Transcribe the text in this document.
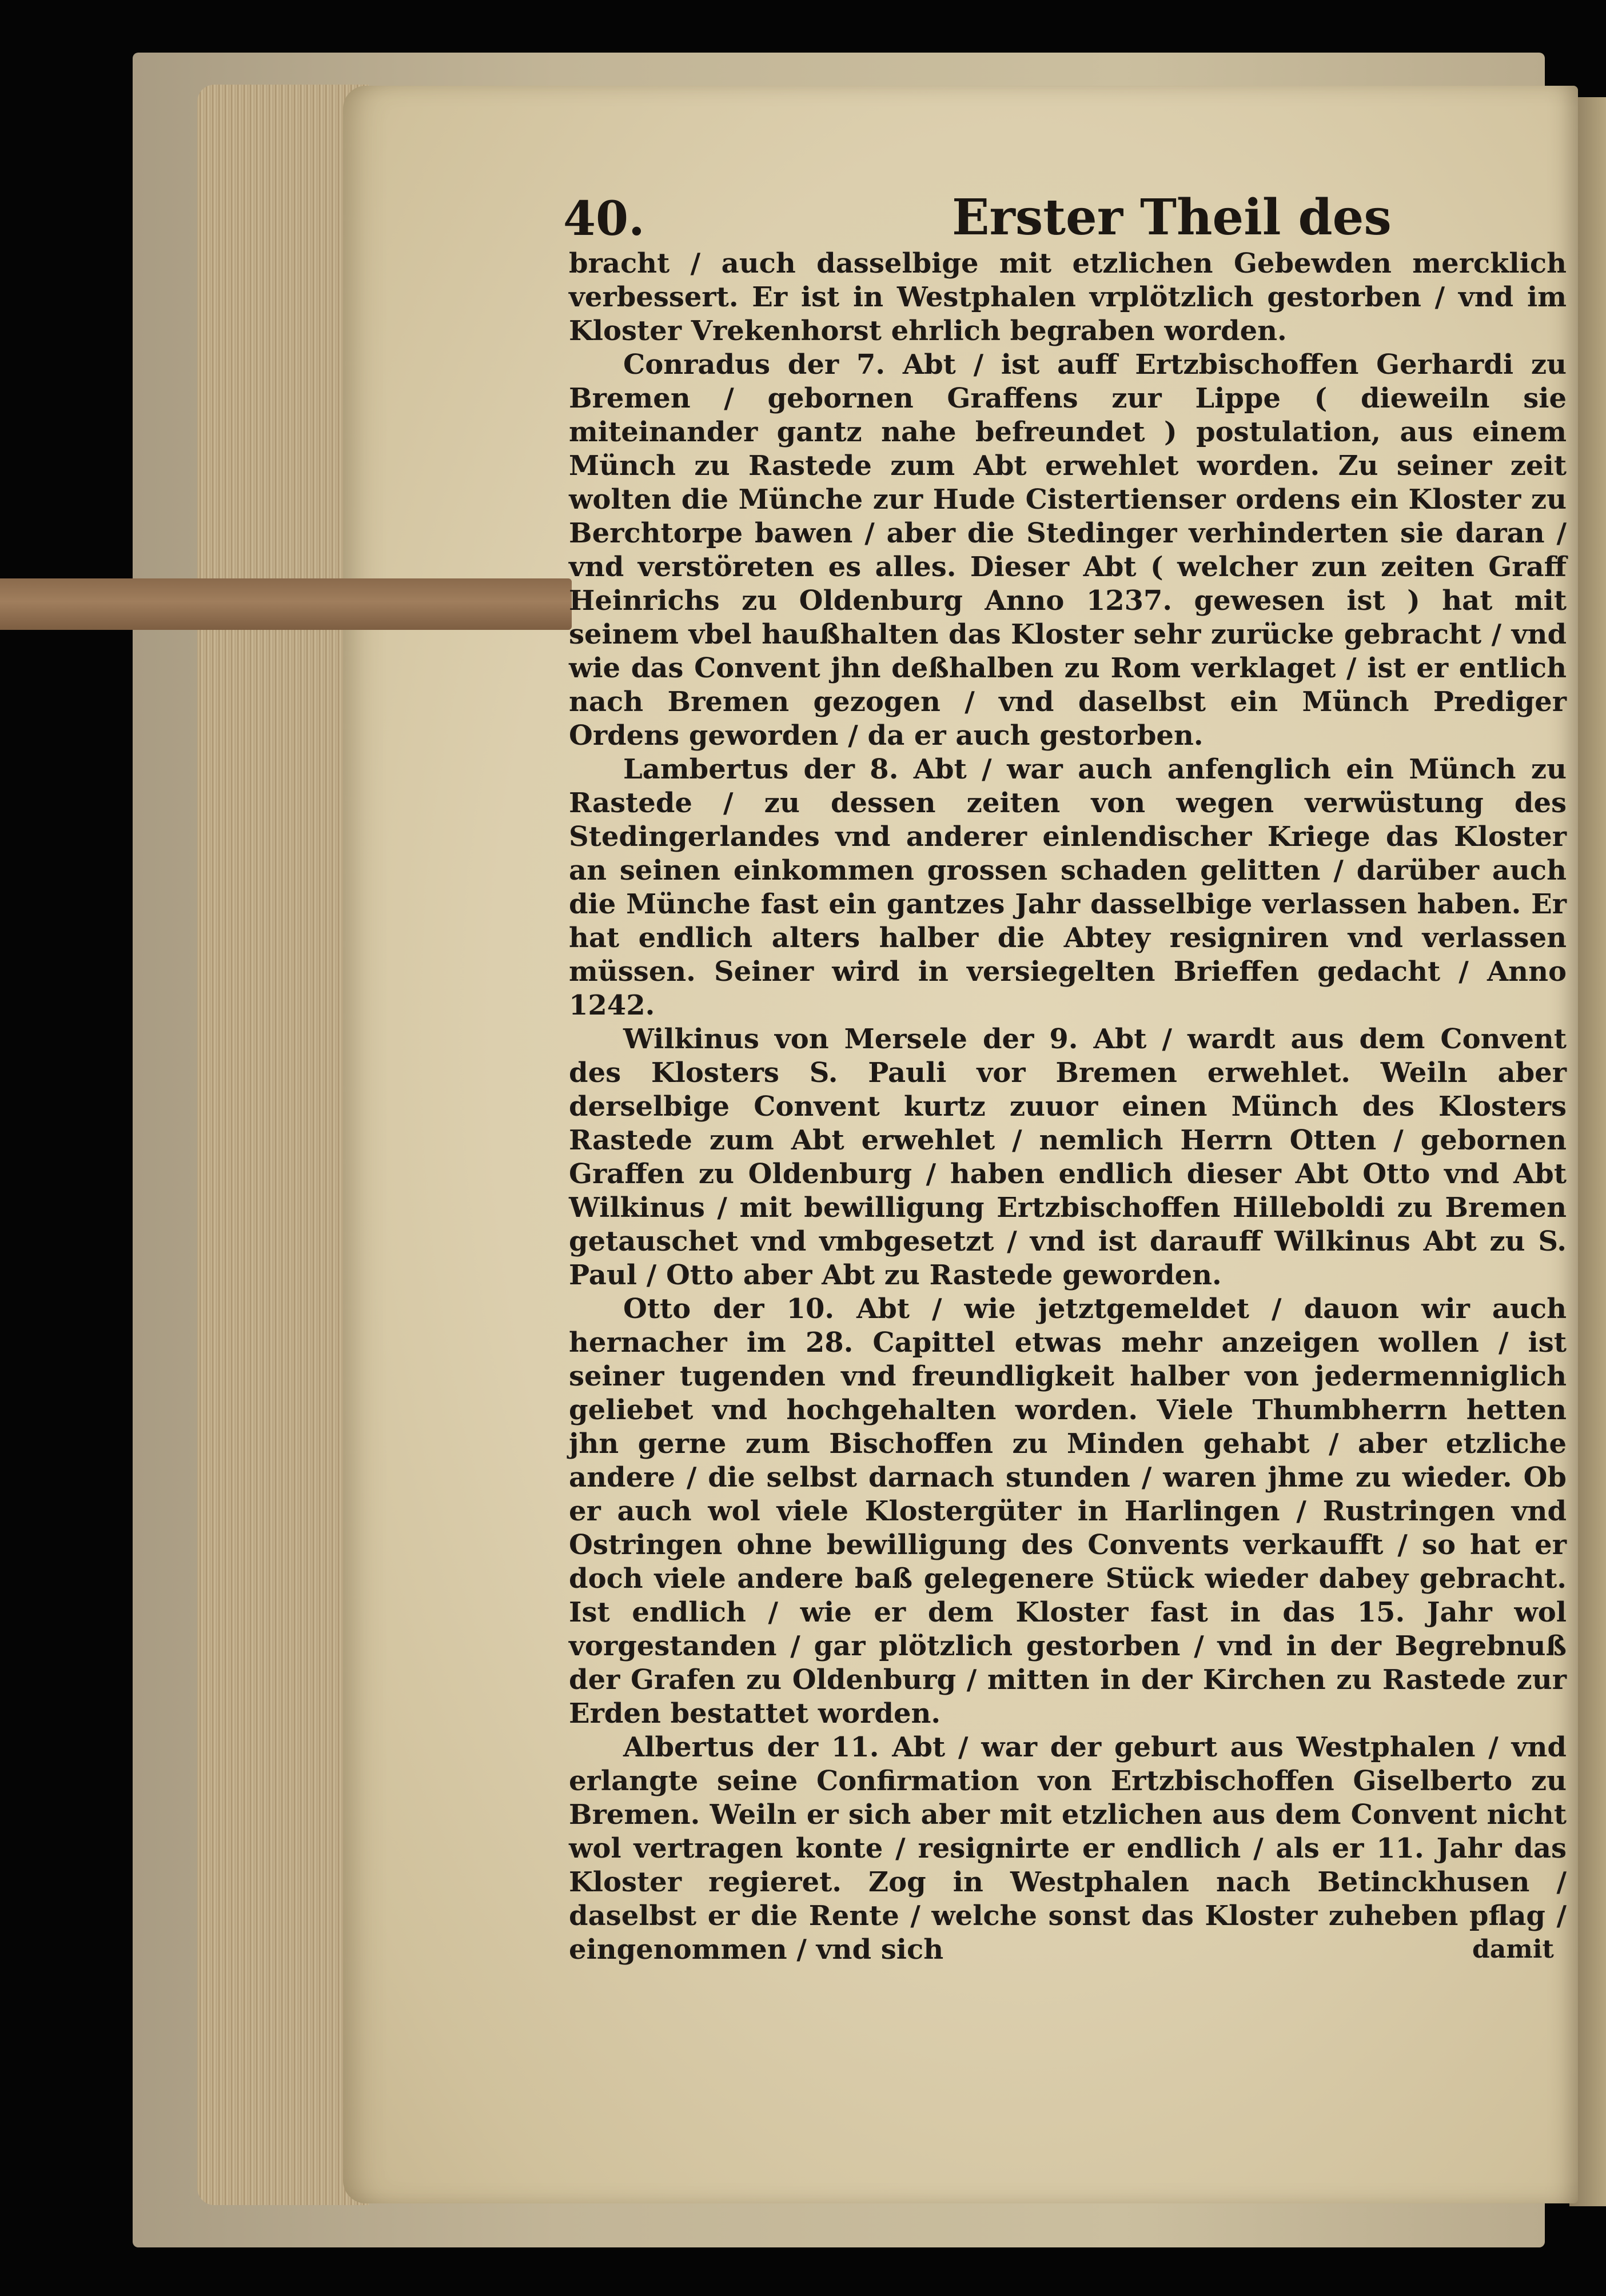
40.	Erster Theil des

bracht / auch dasselbige mit etzlichen Gebewden mercklich verbessert. Er ist in Westphalen vrplötzlich gestorben / vnd im Kloster Vrekenhorst ehrlich begraben worden.

Conradus der 7. Abt / ist auff Ertzbischoffen Gerhardi zu Bremen / gebornen Graffens zur Lippe ( dieweiln sie miteinander gantz nahe befreundet ) postulation, aus einem Münch zu Rastede zum Abt erwehlet worden. Zu seiner zeit wolten die Münche zur Hude Cistertienser ordens ein Kloster zu Berchtorpe bawen / aber die Stedinger verhinderten sie daran / vnd verstöreten es alles. Dieser Abt ( welcher zun zeiten Graff Heinrichs zu Oldenburg Anno 1237. gewesen ist ) hat mit seinem vbel haußhalten das Kloster sehr zurücke gebracht / vnd wie das Convent jhn deßhalben zu Rom verklaget / ist er entlich nach Bremen gezogen / vnd daselbst ein Münch Prediger Ordens geworden / da er auch gestorben.

Lambertus der 8. Abt / war auch anfenglich ein Münch zu Rastede / zu dessen zeiten von wegen verwüstung des Stedingerlandes vnd anderer einlendischer Kriege das Kloster an seinen einkommen grossen schaden gelitten / darüber auch die Münche fast ein gantzes Jahr dasselbige verlassen haben. Er hat endlich alters halber die Abtey resigniren vnd verlassen müssen. Seiner wird in versiegelten Brieffen gedacht / Anno 1242.

Wilkinus von Mersele der 9. Abt / wardt aus dem Convent des Klosters S. Pauli vor Bremen erwehlet. Weiln aber derselbige Convent kurtz zuuor einen Münch des Klosters Rastede zum Abt erwehlet / nemlich Herrn Otten / gebornen Graffen zu Oldenburg / haben endlich dieser Abt Otto vnd Abt Wilkinus / mit bewilligung Ertzbischoffen Hilleboldi zu Bremen getauschet vnd vmbgesetzt / vnd ist darauff Wilkinus Abt zu S. Paul / Otto aber Abt zu Rastede geworden.

Otto der 10. Abt / wie jetztgemeldet / dauon wir auch hernacher im 28. Capittel etwas mehr anzeigen wollen / ist seiner tugenden vnd freundligkeit halber von jedermenniglich geliebet vnd hochgehalten worden. Viele Thumbherrn hetten jhn gerne zum Bischoffen zu Minden gehabt / aber etzliche andere / die selbst darnach stunden / waren jhme zu wieder. Ob er auch wol viele Klostergüter in Harlingen / Rustringen vnd Ostringen ohne bewilligung des Convents verkaufft / so hat er doch viele andere baß gelegenere Stück wieder dabey gebracht. Ist endlich / wie er dem Kloster fast in das 15. Jahr wol vorgestanden / gar plötzlich gestorben / vnd in der Begrebnuß der Grafen zu Oldenburg / mitten in der Kirchen zu Rastede zur Erden bestattet worden.

Albertus der 11. Abt / war der geburt aus Westphalen / vnd erlangte seine Confirmation von Ertzbischoffen Giselberto zu Bremen. Weiln er sich aber mit etzlichen aus dem Convent nicht wol vertragen konte / resignirte er endlich / als er 11. Jahr das Kloster regieret. Zog in Westphalen nach Betinckhusen / daselbst er die Rente / welche sonst das Kloster zuheben pflag / eingenommen / vnd sich	damit
